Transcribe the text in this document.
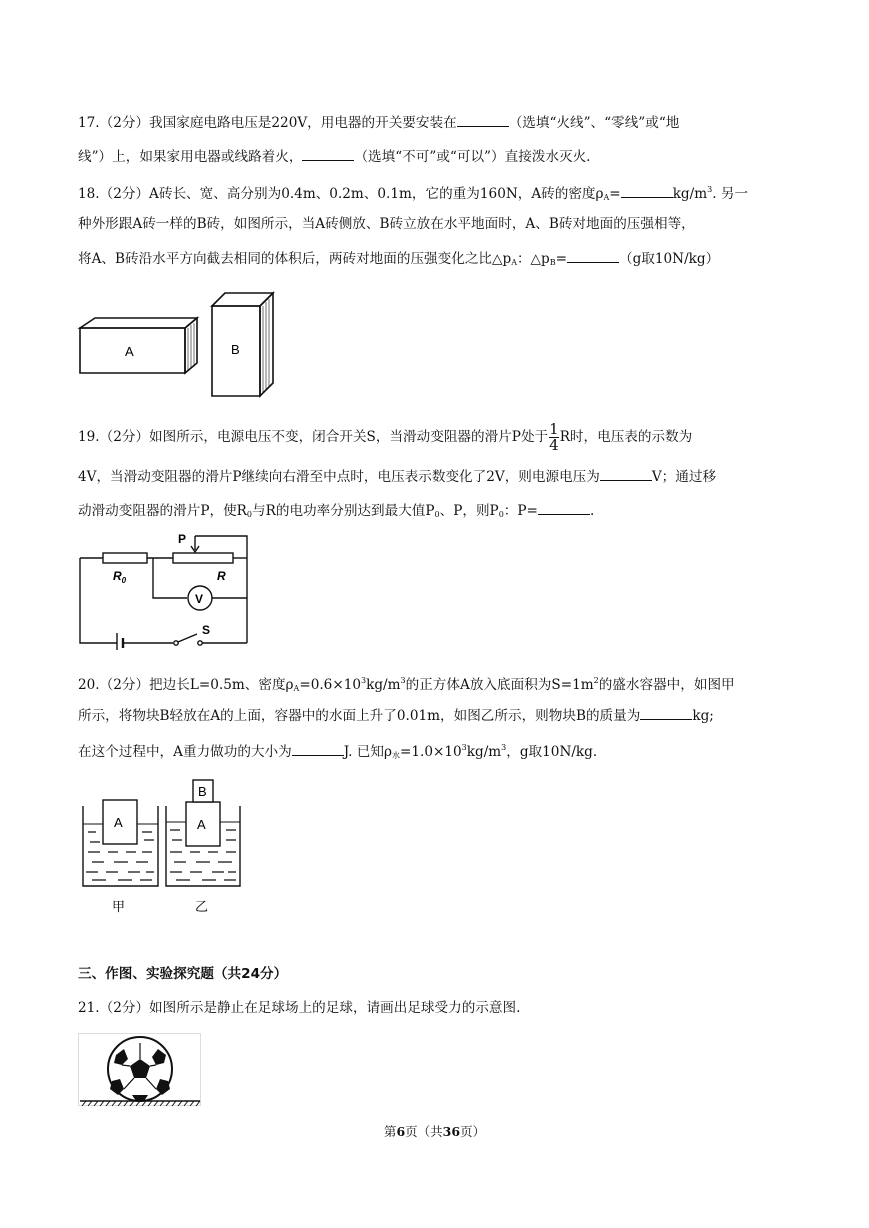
17.（2分）我国家庭电路电压是220V，用电器的开关要安装在	（选填“火线”、“零线”或“地
线”）上，如果家用电器或线路着火，	（选填“不可”或“可以”）直接泼水灭火.
18.（2分）A砖长、宽、高分别为0.4m、0.2m、0.1m，它的重为160N，A砖的密度$\rho_A=$	$kg/m^3$. 另一
种外形跟A砖一样的B砖，如图所示，当A砖侧放、B砖立放在水平地面时，A、B砖对地面的压强相等，
将A、B砖沿水平方向截去相同的体积后，两砖对地面的压强变化之比$\triangle p_A$：$\triangle p_B=$	（g取10N/kg）
A	B
19.（2分）如图所示，电源电压不变，闭合开关S，当滑动变阻器的滑片P处于 $\frac{1}{4}$ R时，电压表的示数为
4V，当滑动变阻器的滑片P继续向右滑至中点时，电压表示数变化了2V，则电源电压为	V；通过移
动滑动变阻器的滑片P，使$R_0$与R的电功率分别达到最大值$P_0$、P，则$P_0$：P=	.
P
$R_0$	R
V
S
20.（2分）把边长L=0.5m、密度$\rho_A=0.6\times 10^3kg/m^3$的正方体A放入底面积为$S=1m^2$的盛水容器中，如图甲
所示，将物块B轻放在A的上面，容器中的水面上升了0.01m，如图乙所示，则物块B的质量为	kg;
在这个过程中，A重力做功的大小为	J. 已知$\rho_水=1.0\times 10^3kg/m^3$，g取10N/kg.
A	A
B
甲	乙
三、作图、实验探究题（共24分）
21.（2分）如图所示是静止在足球场上的足球，请画出足球受力的示意图.
第6页（共36页）
